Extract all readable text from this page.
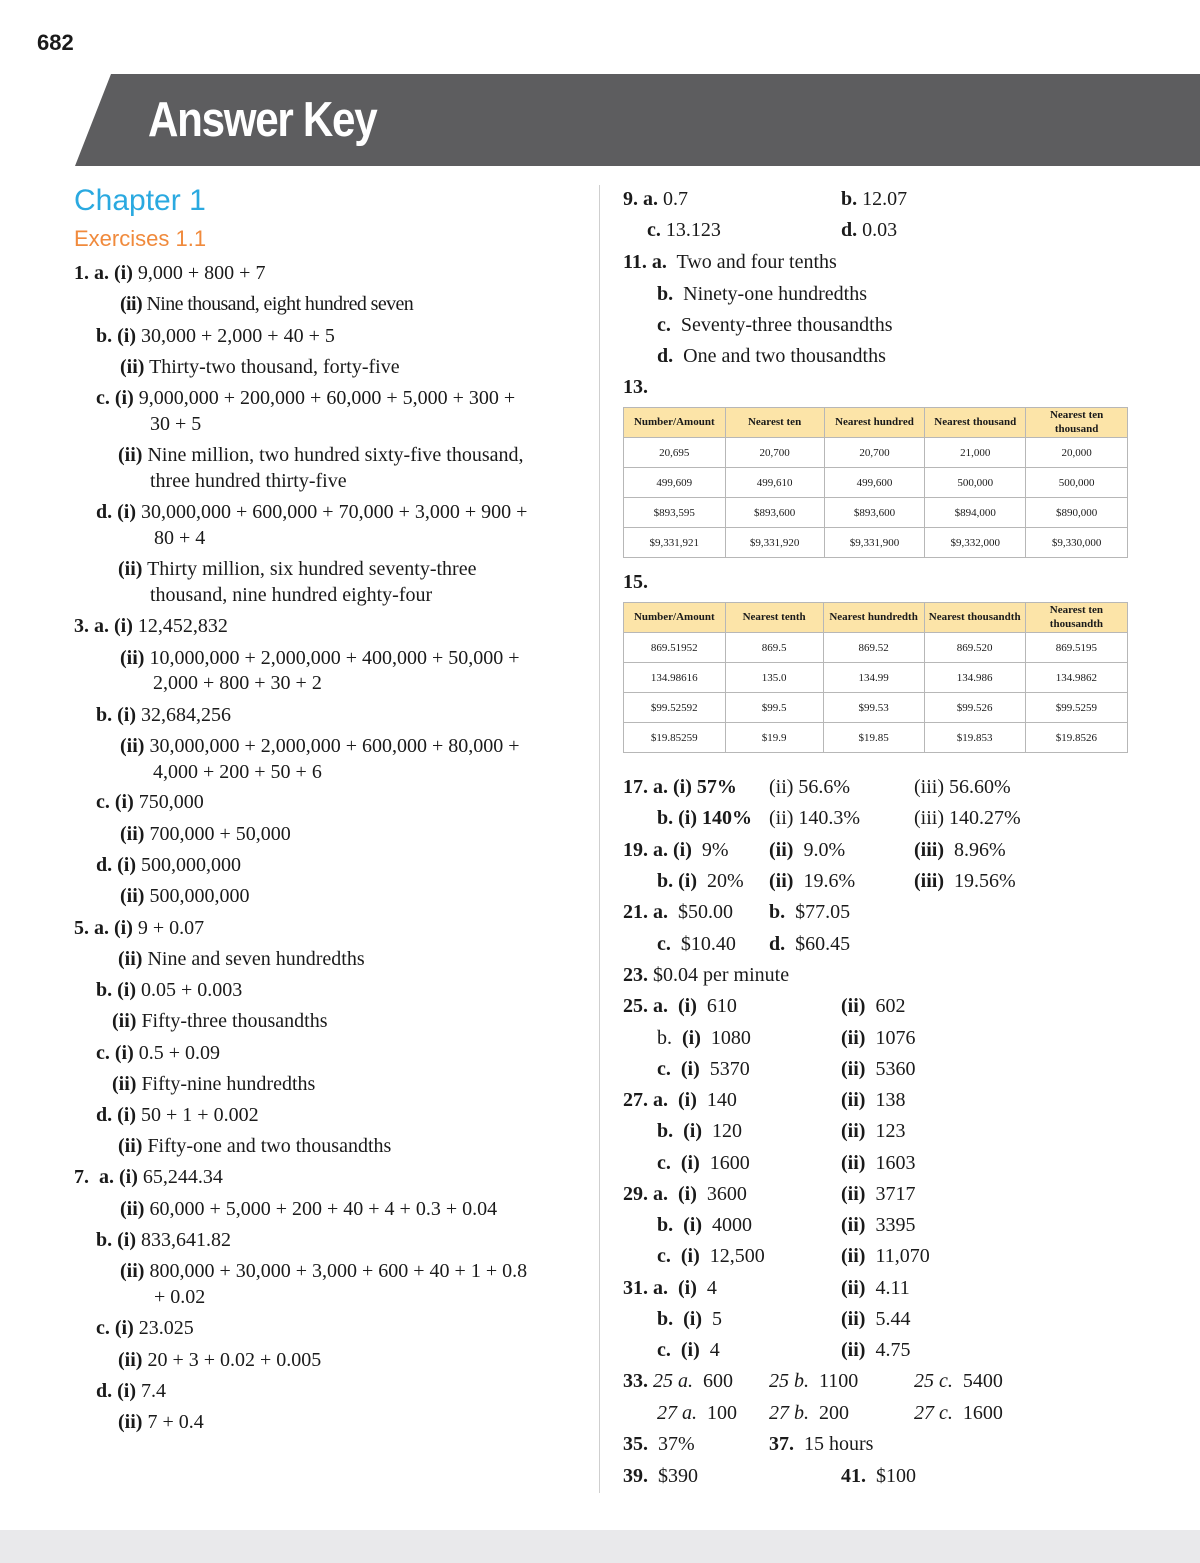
682
Answer Key
Chapter 1
Exercises 1.1
1. a. (i) 9,000 + 800 + 7
(ii) Nine thousand, eight hundred seven
b. (i) 30,000 + 2,000 + 40 + 5
(ii) Thirty-two thousand, forty-five
c. (i) 9,000,000 + 200,000 + 60,000 + 5,000 + 300 +
30 + 5
(ii) Nine million, two hundred sixty-five thousand,
three hundred thirty-five
d. (i) 30,000,000 + 600,000 + 70,000 + 3,000 + 900 +
80 + 4
(ii) Thirty million, six hundred seventy-three
thousand, nine hundred eighty-four
3. a. (i) 12,452,832
(ii) 10,000,000 + 2,000,000 + 400,000 + 50,000 +
2,000 + 800 + 30 + 2
b. (i) 32,684,256
(ii) 30,000,000 + 2,000,000 + 600,000 + 80,000 +
4,000 + 200 + 50 + 6
c. (i) 750,000
(ii) 700,000 + 50,000
d. (i) 500,000,000
(ii) 500,000,000
5. a. (i) 9 + 0.07
(ii) Nine and seven hundredths
b. (i) 0.05 + 0.003
(ii) Fifty-three thousandths
c. (i) 0.5 + 0.09
(ii) Fifty-nine hundredths
d. (i) 50 + 1 + 0.002
(ii) Fifty-one and two thousandths
7. a. (i) 65,244.34
(ii) 60,000 + 5,000 + 200 + 40 + 4 + 0.3 + 0.04
b. (i) 833,641.82
(ii) 800,000 + 30,000 + 3,000 + 600 + 40 + 1 + 0.8
+ 0.02
c. (i) 23.025
(ii) 20 + 3 + 0.02 + 0.005
d. (i) 7.4
(ii) 7 + 0.4
9. a. 0.7	b. 12.07
c. 13.123	d. 0.03
11. a. Two and four tenths
b. Ninety-one hundredths
c. Seventy-three thousandths
d. One and two thousandths
13.
Number/Amount	Nearest ten	Nearest hundred	Nearest thousand	Nearest ten thousand
20,695	20,700	20,700	21,000	20,000
499,609	499,610	499,600	500,000	500,000
$893,595	$893,600	$893,600	$894,000	$890,000
$9,331,921	$9,331,920	$9,331,900	$9,332,000	$9,330,000
15.
Number/Amount	Nearest tenth	Nearest hundredth	Nearest thousandth	Nearest ten thousandth
869.51952	869.5	869.52	869.520	869.5195
134.98616	135.0	134.99	134.986	134.9862
$99.52592	$99.5	$99.53	$99.526	$99.5259
$19.85259	$19.9	$19.85	$19.853	$19.8526
17. a. (i) 57% (ii) 56.6%	(iii) 56.60%
b. (i) 140% (ii) 140.3%	(iii) 140.27%
19. a. (i) 9% (ii) 9.0%	(iii) 8.96%
b. (i) 20% (ii) 19.6%	(iii) 19.56%
21. a. $50.00 b. $77.05
c. $10.40 d. $60.45
23. $0.04 per minute
25. a. (i) 610	(ii) 602
b. (i) 1080	(ii) 1076
c. (i) 5370	(ii) 5360
27. a. (i) 140	(ii) 138
b. (i) 120	(ii) 123
c. (i) 1600	(ii) 1603
29. a. (i) 3600	(ii) 3717
b. (i) 4000	(ii) 3395
c. (i) 12,500	(ii) 11,070
31. a. (i) 4	(ii) 4.11
b. (i) 5	(ii) 5.44
c. (i) 4	(ii) 4.75
33. 25 a. 600 25 b. 1100	25 c. 5400
27 a. 100 27 b. 200	27 c. 1600
35. 37%	37. 15 hours
39. $390	41. $100
